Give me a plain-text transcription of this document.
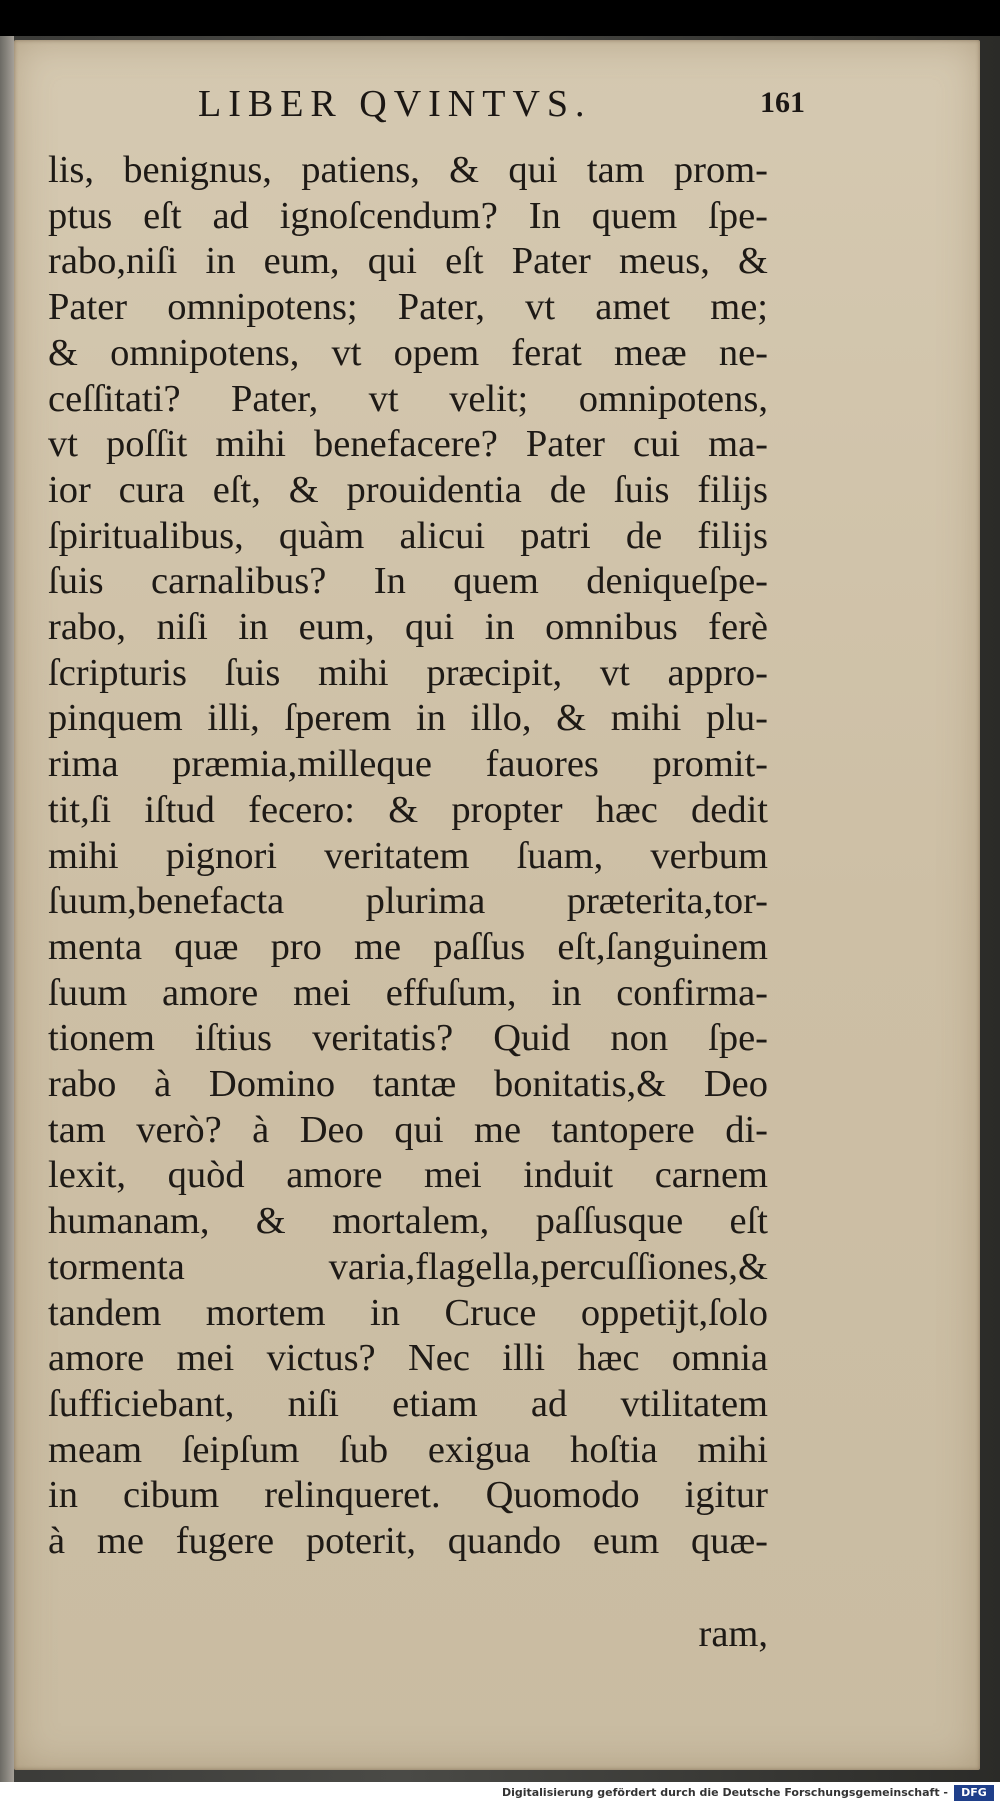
LIBER QVINTVS.	161
lis, benignus, patiens, & qui tam prom-
ptus eſt ad ignoſcendum? In quem ſpe-
rabo,niſi in eum, qui eſt Pater meus, &
Pater omnipotens; Pater, vt amet me;
& omnipotens, vt opem ferat meæ ne-
ceſſitati? Pater, vt velit; omnipotens,
vt poſſit mihi benefacere? Pater cui ma-
ior cura eſt, & prouidentia de ſuis filijs
ſpiritualibus, quàm alicui patri de filijs
ſuis carnalibus? In quem deniqueſpe-
rabo, niſi in eum, qui in omnibus ferè
ſcripturis ſuis mihi præcipit, vt appro-
pinquem illi, ſperem in illo, & mihi plu-
rima præmia,milleque fauores promit-
tit,ſi iſtud fecero: & propter hæc dedit
mihi pignori veritatem ſuam, verbum
ſuum,benefacta plurima præterita,tor-
menta quæ pro me paſſus eſt,ſanguinem
ſuum amore mei effuſum, in confirma-
tionem iſtius veritatis? Quid non ſpe-
rabo à Domino tantæ bonitatis,& Deo
tam verò? à Deo qui me tantopere di-
lexit, quòd amore mei induit carnem
humanam, & mortalem, paſſusque eſt
tormenta varia,flagella,percuſſiones,&
tandem mortem in Cruce oppetijt,ſolo
amore mei victus? Nec illi hæc omnia
ſufficiebant, niſi etiam ad vtilitatem
meam ſeipſum ſub exigua hoſtia mihi
in cibum relinqueret. Quomodo igitur
à me fugere poterit, quando eum quæ-
ram,
Digitalisierung gefördert durch die Deutsche Forschungsgemeinschaft -	DFG
